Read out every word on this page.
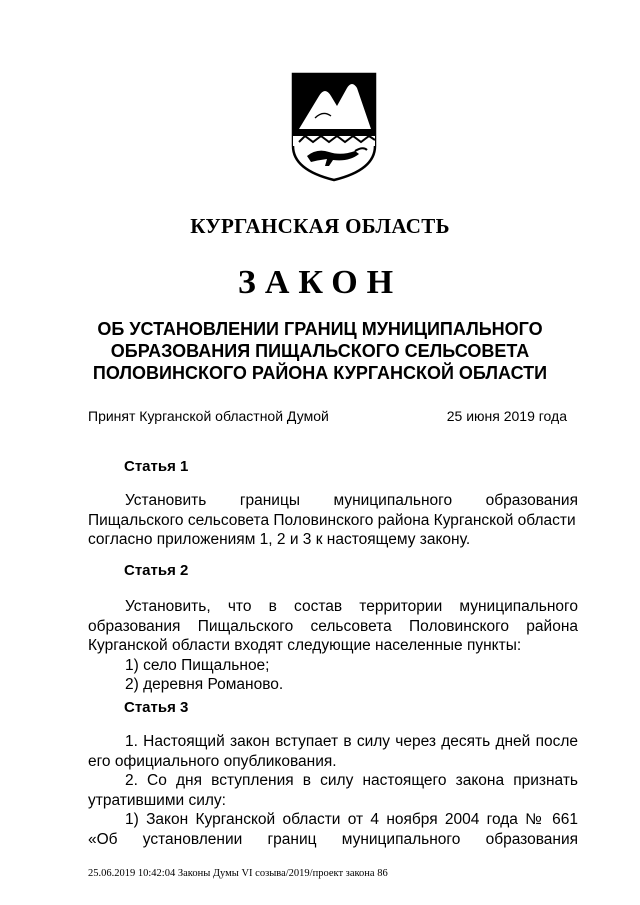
КУРГАНСКАЯ ОБЛАСТЬ
ЗАКОН
ОБ УСТАНОВЛЕНИИ ГРАНИЦ МУНИЦИПАЛЬНОГО
ОБРАЗОВАНИЯ ПИЩАЛЬСКОГО СЕЛЬСОВЕТА
ПОЛОВИНСКОГО РАЙОНА КУРГАНСКОЙ ОБЛАСТИ
Принят Курганской областной Думой	25 июня 2019 года
Статья 1
Установить границы муниципального образования
Пищальского сельсовета Половинского района Курганской области
согласно приложениям 1, 2 и 3 к настоящему закону.
Статья 2
Установить, что в состав территории муниципального
образования Пищальского сельсовета Половинского района
Курганской области входят следующие населенные пункты:
1) село Пищальное;
2) деревня Романово.
Статья 3
1. Настоящий закон вступает в силу через десять дней после
его официального опубликования.
2. Со дня вступления в силу настоящего закона признать
утратившими силу:
1) Закон Курганской области от 4 ноября 2004 года № 661
«Об установлении границ муниципального образования
25.06.2019 10:42:04 Законы Думы VI созыва/2019/проект закона 86
